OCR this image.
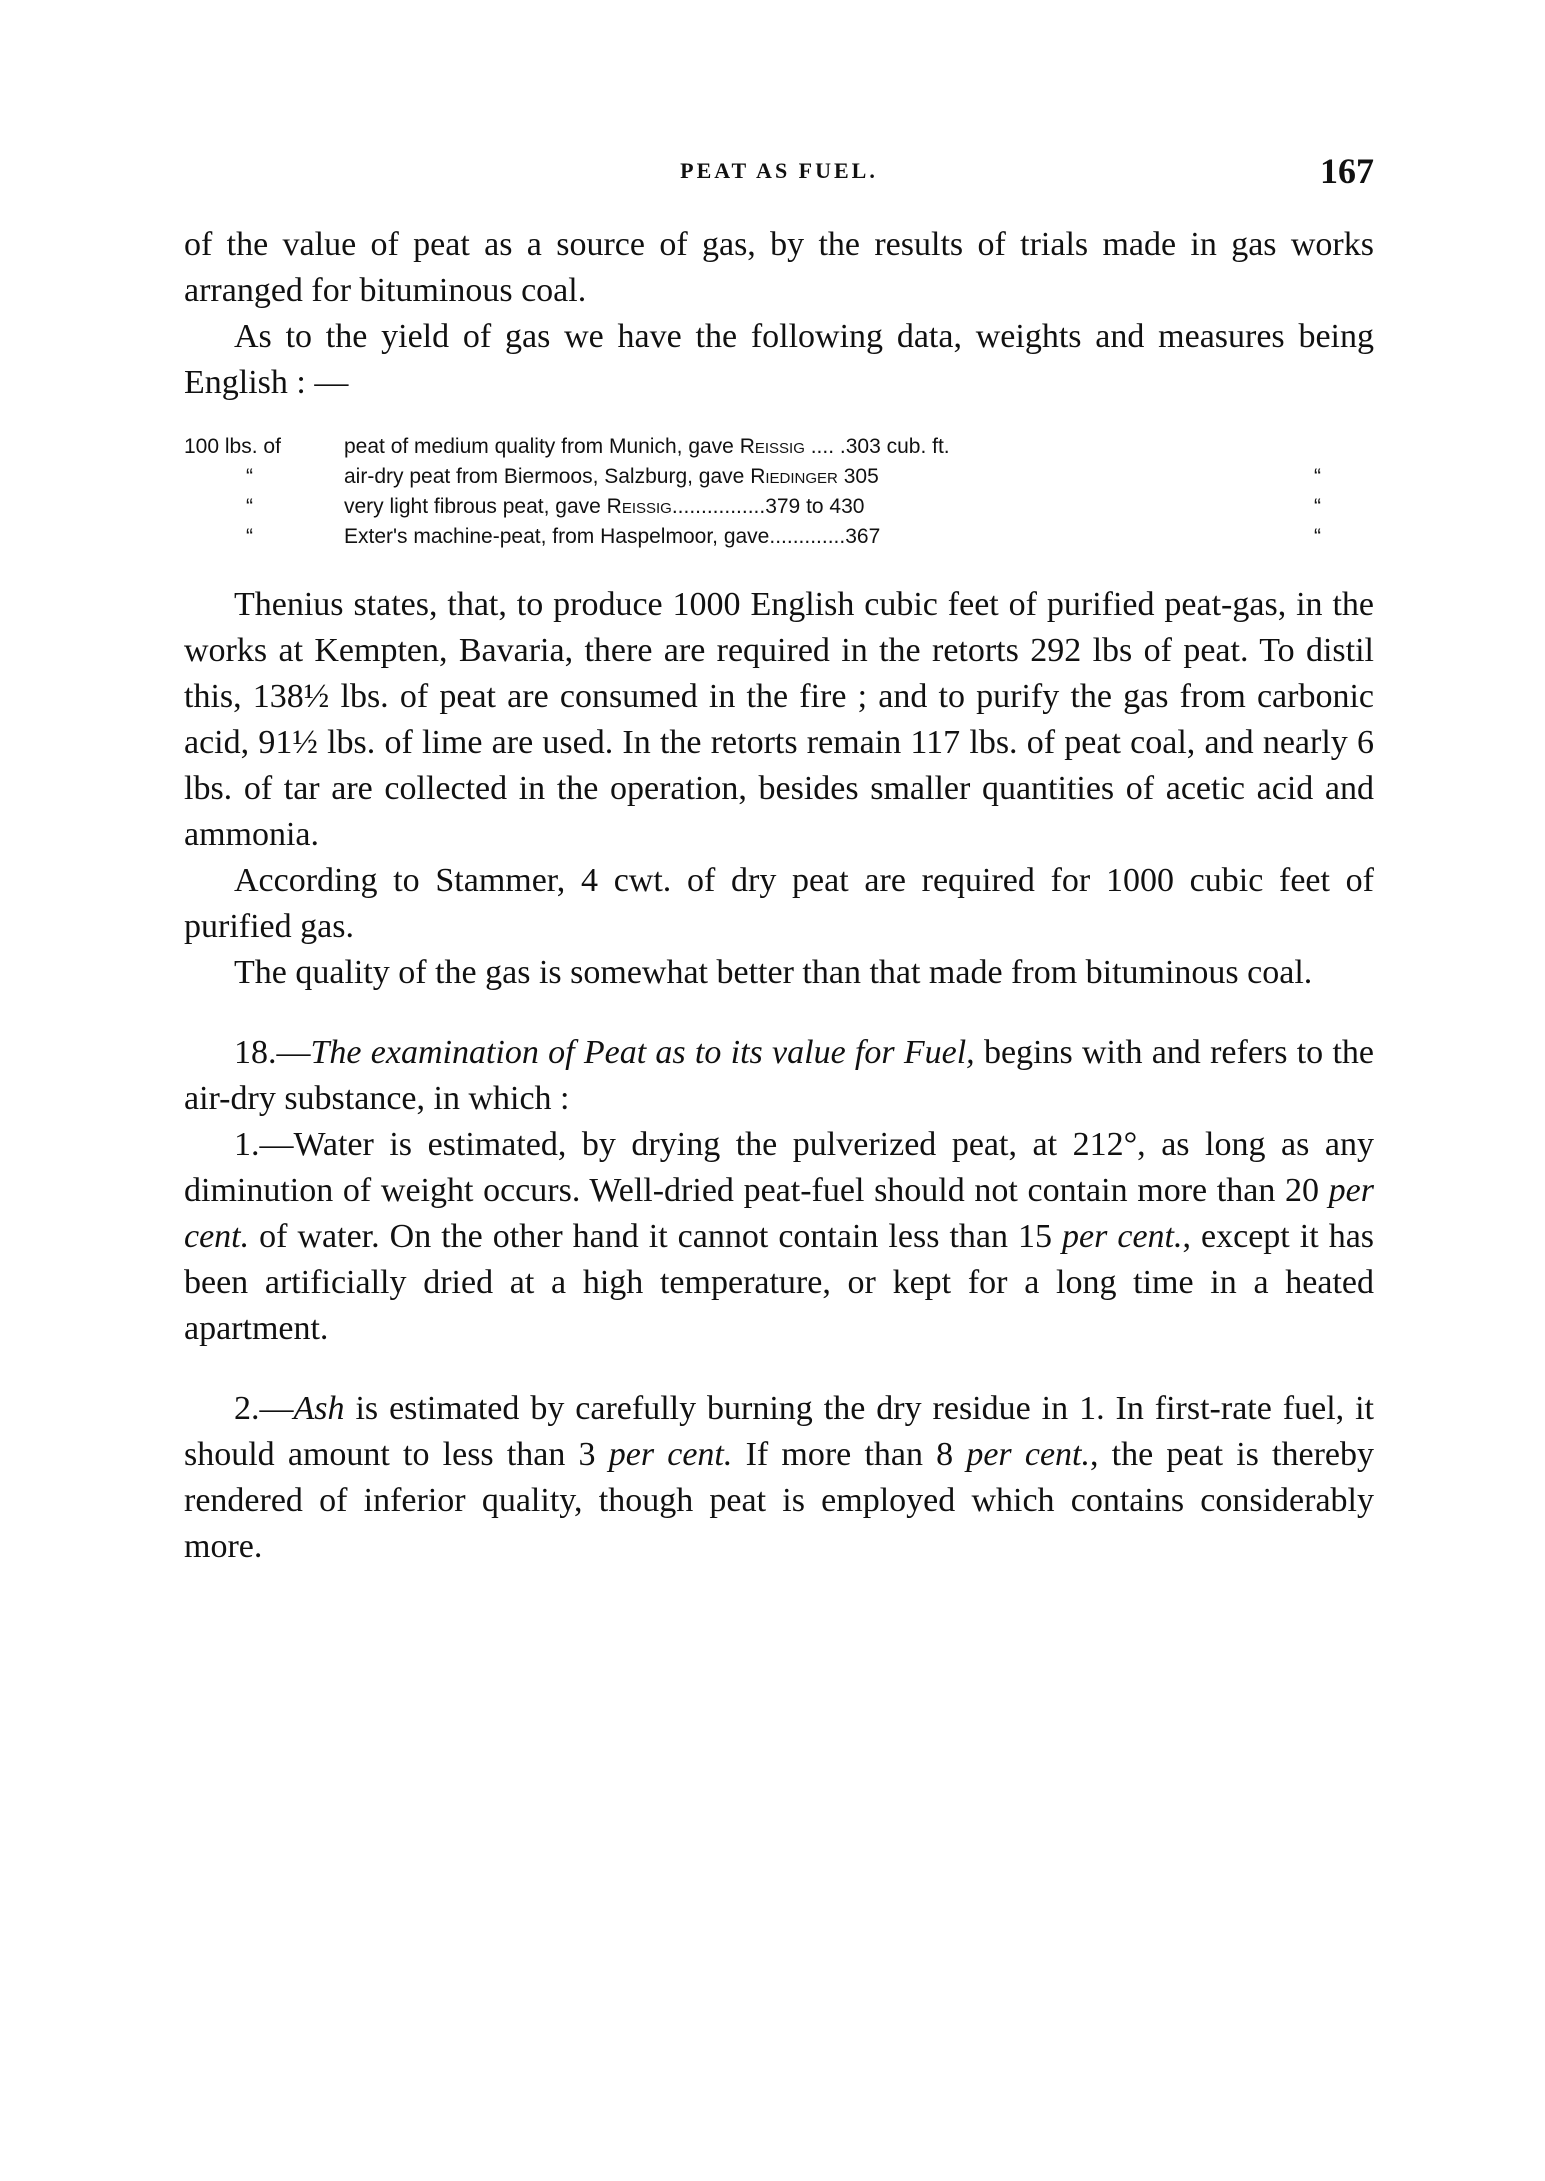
PEAT AS FUEL.	167

of the value of peat as a source of gas, by the results of trials made in gas works arranged for bituminous coal.

As to the yield of gas we have the following data, weights and measures being English : —

100 lbs. of	peat of medium quality from Munich, gave Reissig .... .303 cub. ft.
“	air-dry peat from Biermoos, Salzburg, gave Riedinger 305	“
“	very light fibrous peat, gave Reissig................379 to 430	“
“	Exter's machine-peat, from Haspelmoor, gave.............367	“

Thenius states, that, to produce 1000 English cubic feet of purified peat-gas, in the works at Kempten, Bavaria, there are required in the retorts 292 lbs of peat. To distil this, 138½ lbs. of peat are consumed in the fire ; and to purify the gas from carbonic acid, 91½ lbs. of lime are used. In the retorts remain 117 lbs. of peat coal, and nearly 6 lbs. of tar are collected in the operation, besides smaller quantities of acetic acid and ammonia.

According to Stammer, 4 cwt. of dry peat are required for 1000 cubic feet of purified gas.

The quality of the gas is somewhat better than that made from bituminous coal.

18.—The examination of Peat as to its value for Fuel, begins with and refers to the air-dry substance, in which :

1.—Water is estimated, by drying the pulverized peat, at 212°, as long as any diminution of weight occurs. Well-dried peat-fuel should not contain more than 20 per cent. of water. On the other hand it cannot contain less than 15 per cent., except it has been artificially dried at a high temperature, or kept for a long time in a heated apartment.

2.—Ash is estimated by carefully burning the dry residue in 1. In first-rate fuel, it should amount to less than 3 per cent. If more than 8 per cent., the peat is thereby rendered of inferior quality, though peat is employed which contains considerably more.
